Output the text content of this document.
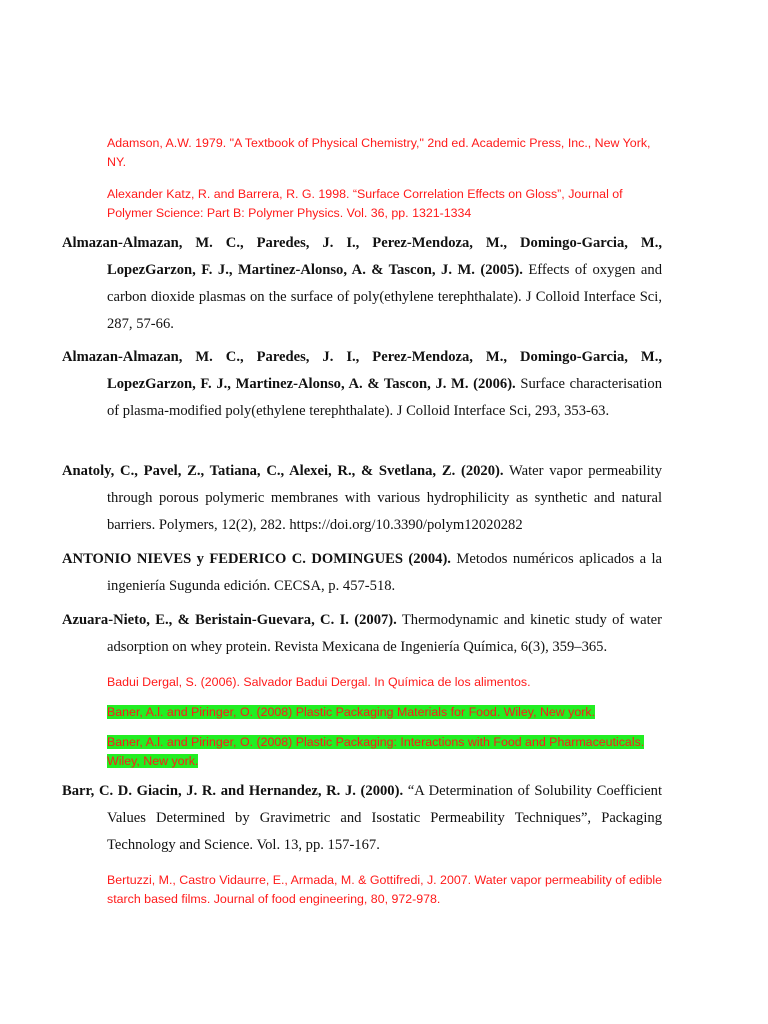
Adamson, A.W. 1979. "A Textbook of Physical Chemistry," 2nd ed. Academic Press, Inc., New York, NY.
Alexander Katz, R. and Barrera, R. G. 1998. “Surface Correlation Effects on Gloss”, Journal of Polymer Science: Part B: Polymer Physics. Vol. 36, pp. 1321-1334
Almazan-Almazan, M. C., Paredes, J. I., Perez-Mendoza, M., Domingo-Garcia, M., LopezGarzon, F. J., Martinez-Alonso, A. & Tascon, J. M. (2005). Effects of oxygen and carbon dioxide plasmas on the surface of poly(ethylene terephthalate). J Colloid Interface Sci, 287, 57-66.
Almazan-Almazan, M. C., Paredes, J. I., Perez-Mendoza, M., Domingo-Garcia, M., LopezGarzon, F. J., Martinez-Alonso, A. & Tascon, J. M. (2006). Surface characterisation of plasma-modified poly(ethylene terephthalate). J Colloid Interface Sci, 293, 353-63.
Anatoly, C., Pavel, Z., Tatiana, C., Alexei, R., & Svetlana, Z. (2020). Water vapor permeability through porous polymeric membranes with various hydrophilicity as synthetic and natural barriers. Polymers, 12(2), 282. https://doi.org/10.3390/polym12020282
ANTONIO NIEVES y FEDERICO C. DOMINGUES (2004). Metodos numéricos aplicados a la ingeniería Sugunda edición. CECSA, p. 457-518.
Azuara-Nieto, E., & Beristain-Guevara, C. I. (2007). Thermodynamic and kinetic study of water adsorption on whey protein. Revista Mexicana de Ingeniería Química, 6(3), 359–365.
Badui Dergal, S. (2006). Salvador Badui Dergal. In Química de los alimentos.
Baner, A.l. and Piringer, O. (2008) Plastic Packaging Materials for Food. Wiley, New york.
Baner, A.l. and Piringer, O. (2008) Plastic Packaging: Interactions with Food and Pharmaceuticals. Wiley, New york.
Barr, C. D. Giacin, J. R. and Hernandez, R. J. (2000). “A Determination of Solubility Coefficient Values Determined by Gravimetric and Isostatic Permeability Techniques”, Packaging Technology and Science. Vol. 13, pp. 157-167.
Bertuzzi, M., Castro Vidaurre, E., Armada, M. & Gottifredi, J. 2007. Water vapor permeability of edible starch based films. Journal of food engineering, 80, 972-978.
